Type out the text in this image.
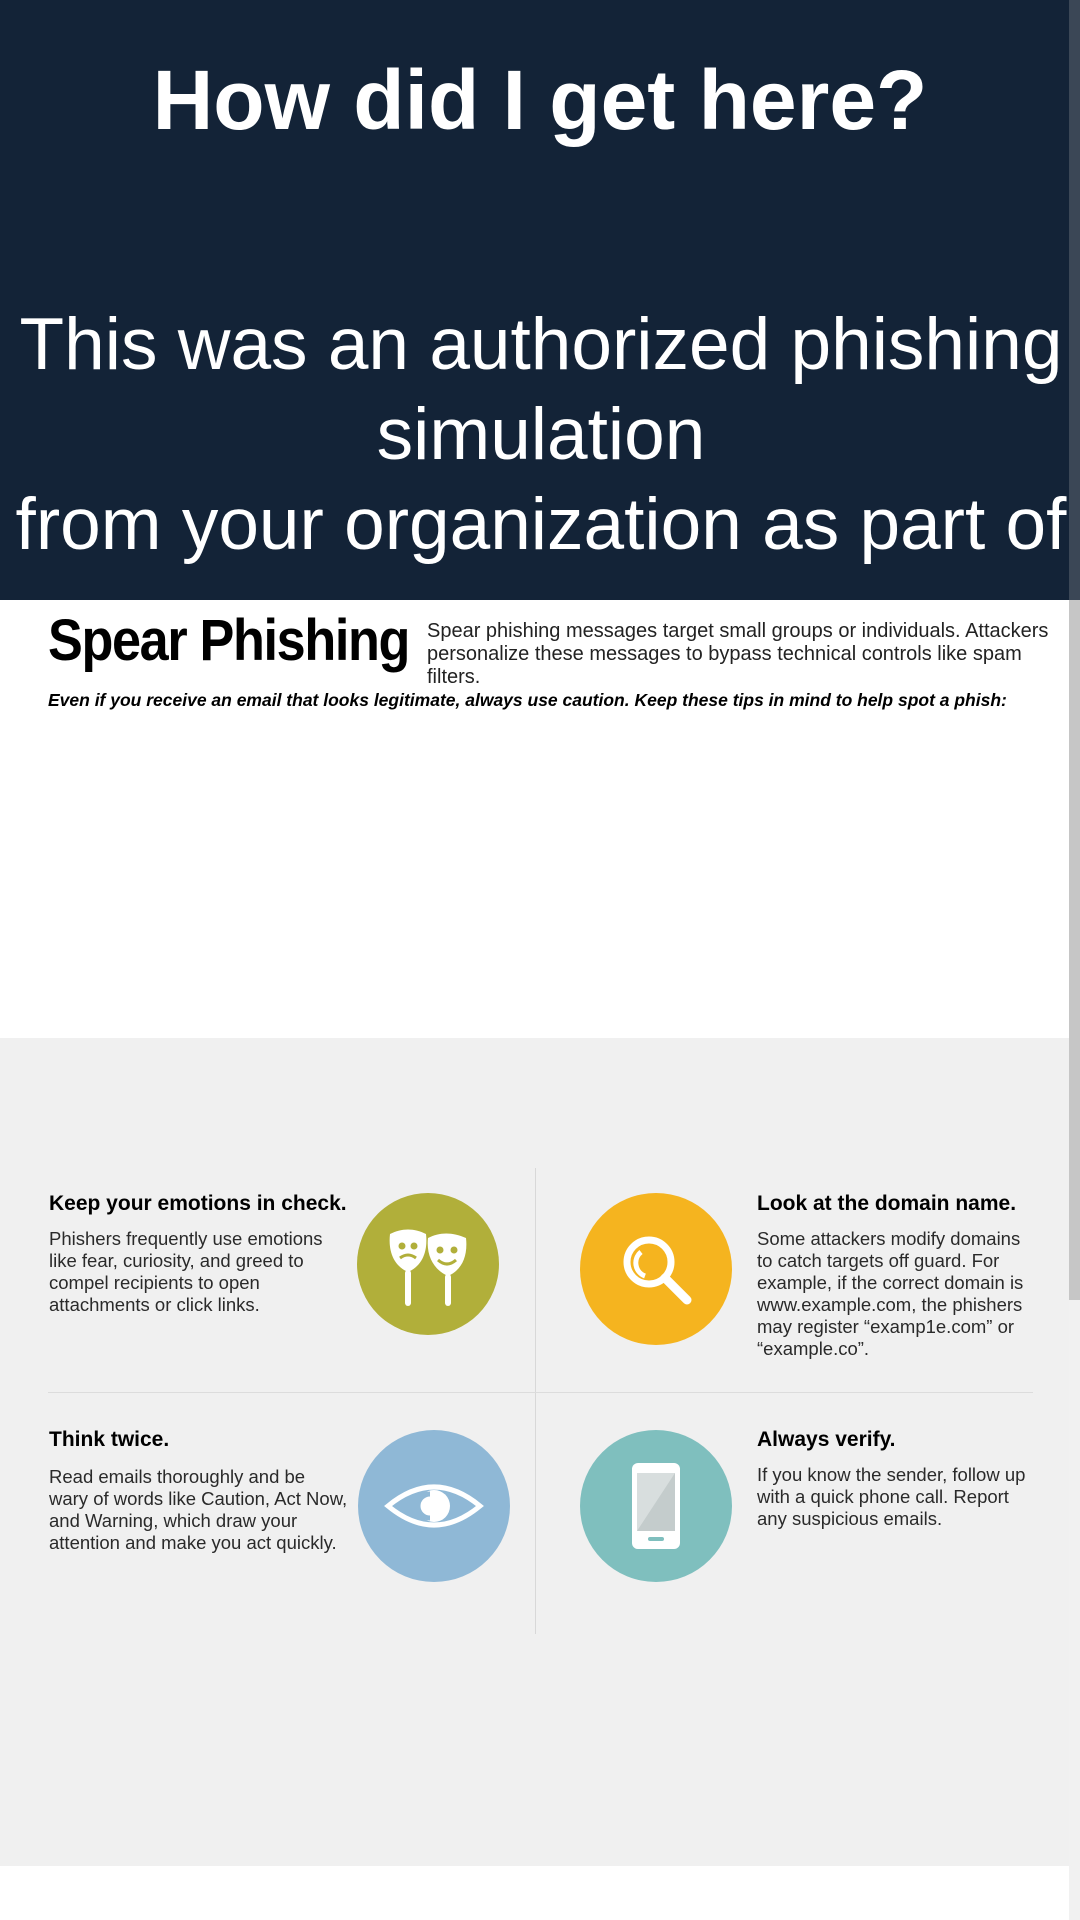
How did I get here?

This was an authorized phishing simulation
from your organization as part of

Spear Phishing Spear phishing messages target small groups or individuals. Attackers personalize these messages to bypass technical controls like spam filters.

Even if you receive an email that looks legitimate, always use caution. Keep these tips in mind to help spot a phish:

Keep your emotions in check.

Phishers frequently use emotions like fear, curiosity, and greed to compel recipients to open attachments or click links.

Look at the domain name.

Some attackers modify domains to catch targets off guard. For example, if the correct domain is www.example.com, the phishers may register “examp1e.com” or “example.co”.

Think twice.

Read emails thoroughly and be wary of words like Caution, Act Now, and Warning, which draw your attention and make you act quickly.

Always verify.

If you know the sender, follow up with a quick phone call. Report any suspicious emails.
